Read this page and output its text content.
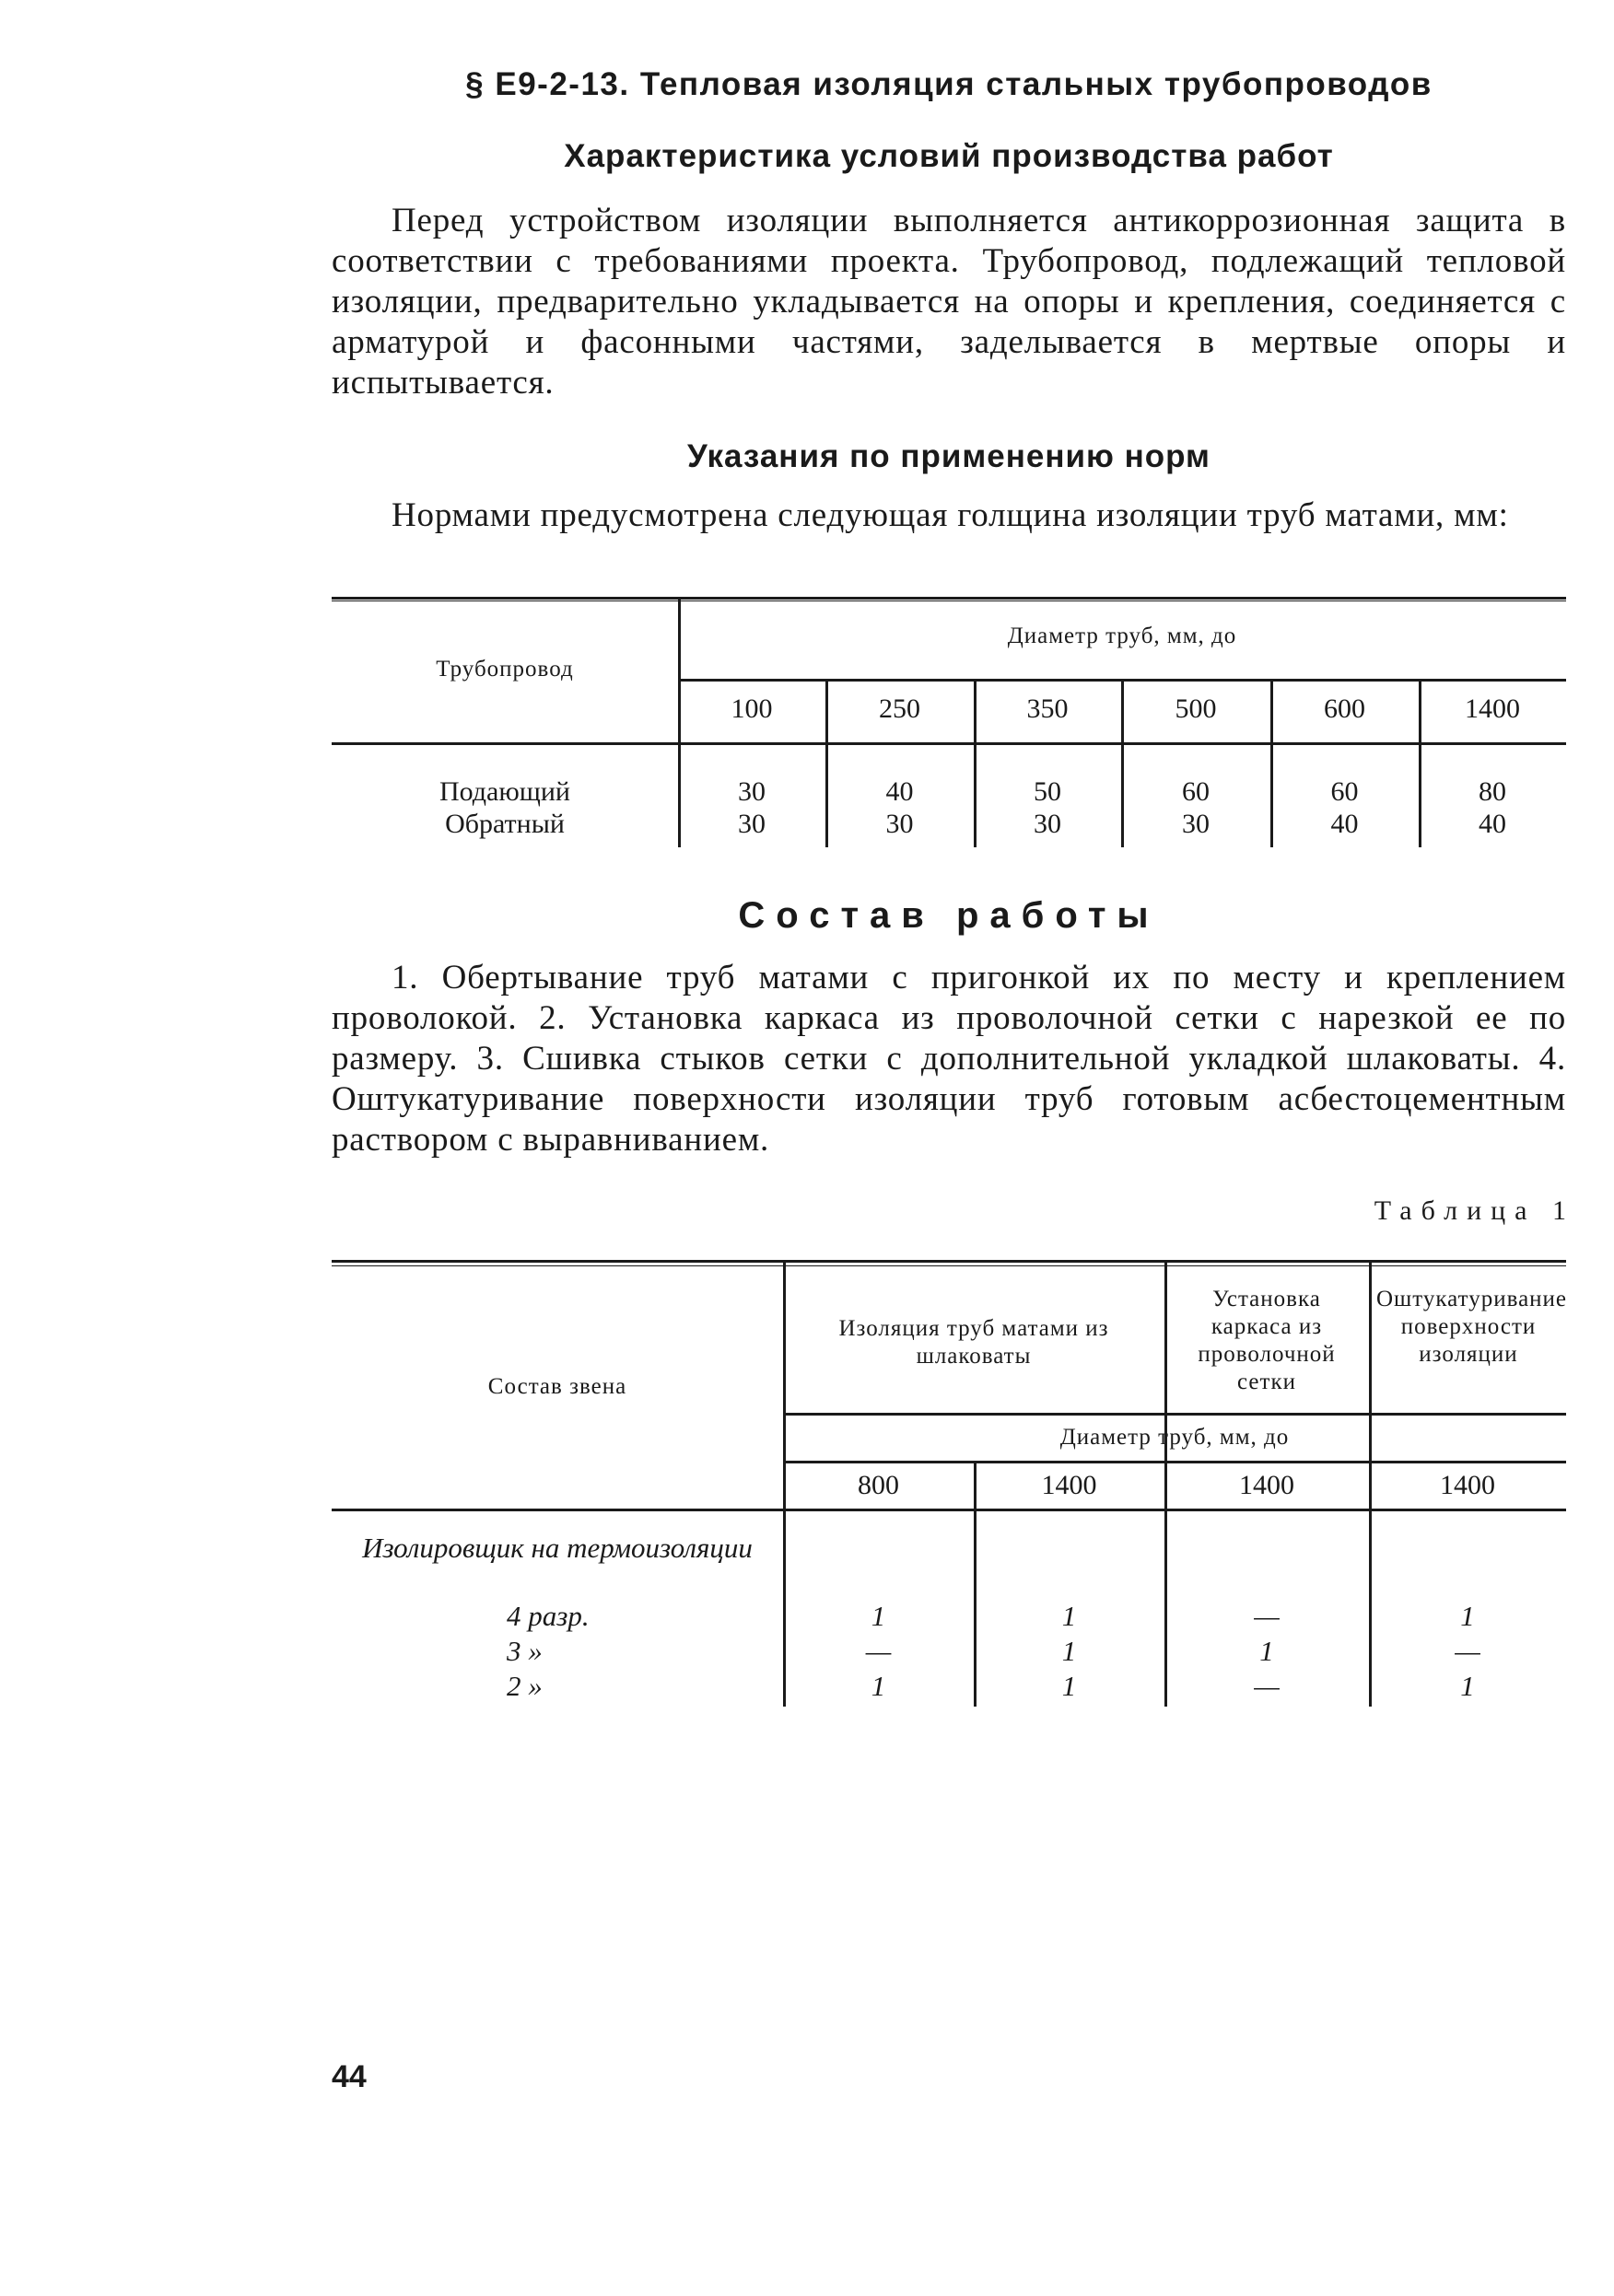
§ Е9-2-13. Тепловая изоляция стальных трубопроводов
Характеристика условий производства работ
Перед устройством изоляции выполняется антикоррозионная защита в соответствии с требованиями проекта. Трубопровод, подлежащий тепловой изоляции, предварительно укладывается на опоры и крепления, соединяется с арматурой и фасонными частями, заделывается в мертвые опоры и испытывается.
Указания по применению норм
Нормами предусмотрена следующая голщина изоляции труб матами, мм:
Трубопровод
Диаметр труб, мм, до
100	250	350	500	600	1400
Подающий	30	40	50	60	60	80
Обратный	30	30	30	30	40	40
Состав работы
1. Обертывание труб матами с пригонкой их по месту и креплением проволокой. 2. Установка каркаса из проволочной сетки с нарезкой ее по размеру. 3. Сшивка стыков сетки с дополнительной укладкой шлаковаты. 4. Оштукатуривание поверхности изоляции труб готовым асбестоцементным раствором с выравниванием.
Таблица 1
Состав звена
Изоляция труб матами из шлаковаты
Установка каркаса из проволочной сетки
Оштукатуривание поверхности изоляции
Диаметр труб, мм, до
800	1400	1400	1400
Изолировщик на термоизоляции
4 разр.	1	1	—	1
3 »	—	1	1	—
2 »	1	1	—	1
44
